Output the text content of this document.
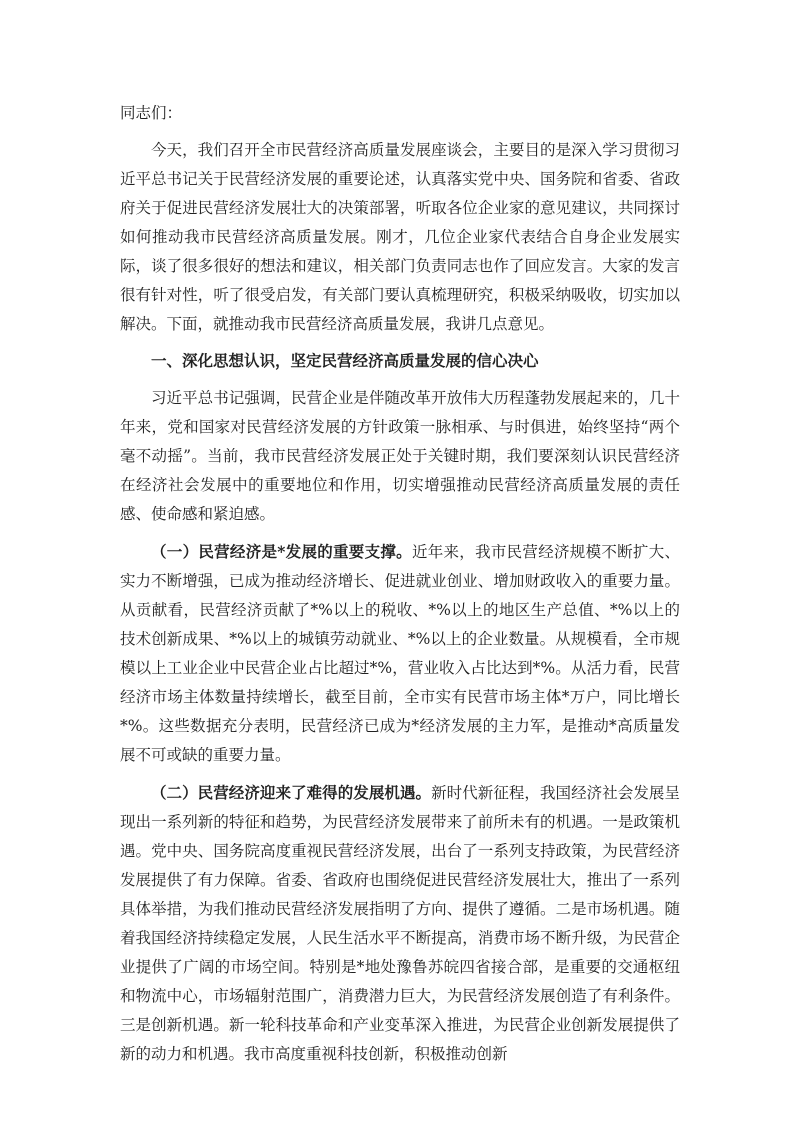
同志们：

今天，我们召开全市民营经济高质量发展座谈会，主要目的是深入学习贯彻习近平总书记关于民营经济发展的重要论述，认真落实党中央、国务院和省委、省政府关于促进民营经济发展壮大的决策部署，听取各位企业家的意见建议，共同探讨如何推动我市民营经济高质量发展。刚才，几位企业家代表结合自身企业发展实际，谈了很多很好的想法和建议，相关部门负责同志也作了回应发言。大家的发言很有针对性，听了很受启发，有关部门要认真梳理研究，积极采纳吸收，切实加以解决。下面，就推动我市民营经济高质量发展，我讲几点意见。

一、深化思想认识，坚定民营经济高质量发展的信心决心

习近平总书记强调，民营企业是伴随改革开放伟大历程蓬勃发展起来的，几十年来，党和国家对民营经济发展的方针政策一脉相承、与时俱进，始终坚持“两个毫不动摇”。当前，我市民营经济发展正处于关键时期，我们要深刻认识民营经济在经济社会发展中的重要地位和作用，切实增强推动民营经济高质量发展的责任感、使命感和紧迫感。

（一）民营经济是*发展的重要支撑。近年来，我市民营经济规模不断扩大、实力不断增强，已成为推动经济增长、促进就业创业、增加财政收入的重要力量。从贡献看，民营经济贡献了*%以上的税收、*%以上的地区生产总值、*%以上的技术创新成果、*%以上的城镇劳动就业、*%以上的企业数量。从规模看，全市规模以上工业企业中民营企业占比超过*%，营业收入占比达到*%。从活力看，民营经济市场主体数量持续增长，截至目前，全市实有民营市场主体*万户，同比增长*%。这些数据充分表明，民营经济已成为*经济发展的主力军，是推动*高质量发展不可或缺的重要力量。

（二）民营经济迎来了难得的发展机遇。新时代新征程，我国经济社会发展呈现出一系列新的特征和趋势，为民营经济发展带来了前所未有的机遇。一是政策机遇。党中央、国务院高度重视民营经济发展，出台了一系列支持政策，为民营经济发展提供了有力保障。省委、省政府也围绕促进民营经济发展壮大，推出了一系列具体举措，为我们推动民营经济发展指明了方向、提供了遵循。二是市场机遇。随着我国经济持续稳定发展，人民生活水平不断提高，消费市场不断升级，为民营企业提供了广阔的市场空间。特别是*地处豫鲁苏皖四省接合部，是重要的交通枢纽和物流中心，市场辐射范围广，消费潜力巨大，为民营经济发展创造了有利条件。三是创新机遇。新一轮科技革命和产业变革深入推进，为民营企业创新发展提供了新的动力和机遇。我市高度重视科技创新，积极推动创新
